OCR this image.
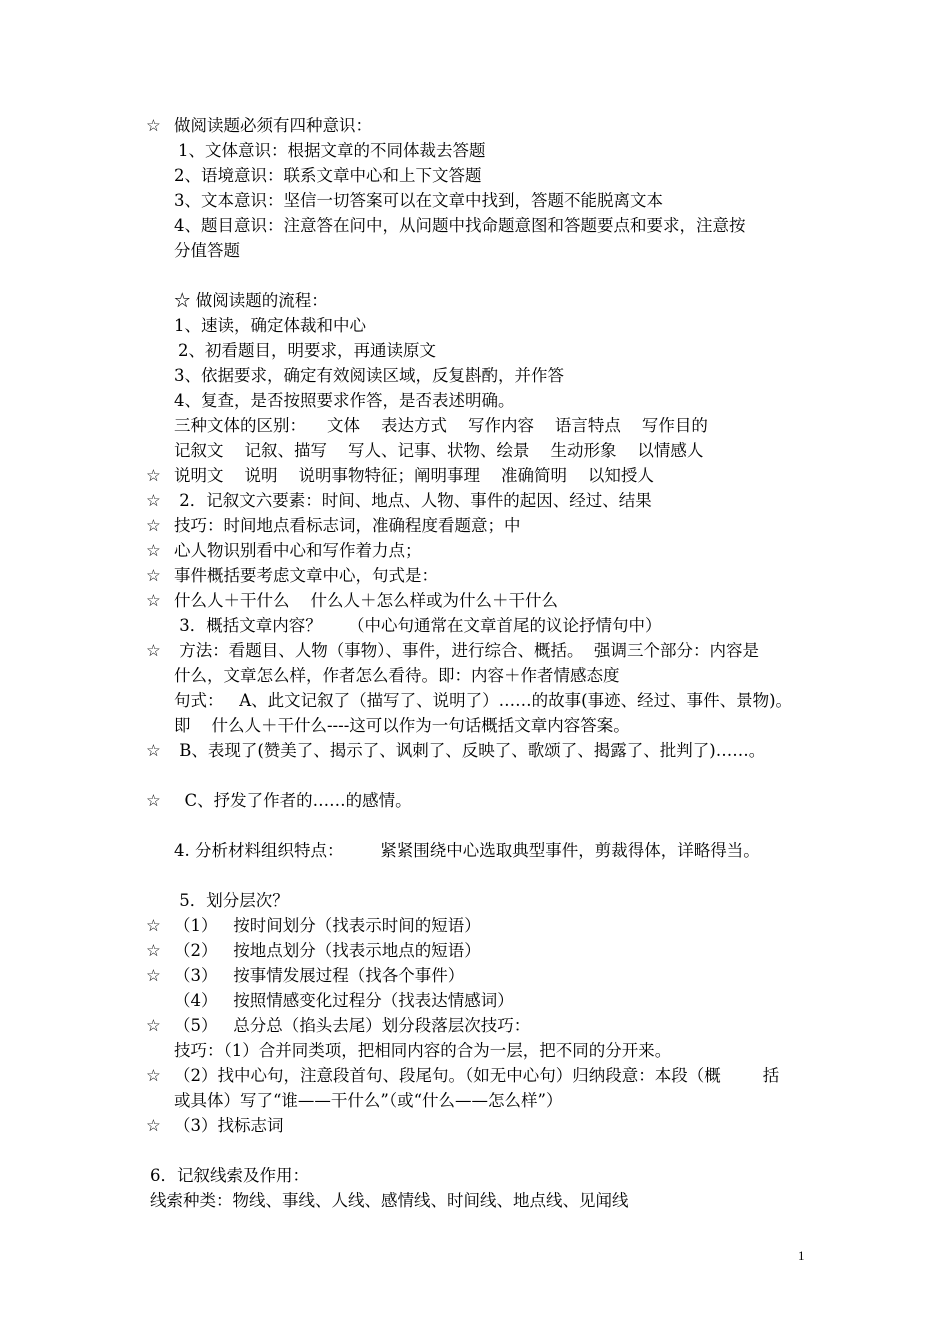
☆ 做阅读题必须有四种意识：
1、文体意识：根据文章的不同体裁去答题
2、语境意识：联系文章中心和上下文答题
3、文本意识：坚信一切答案可以在文章中找到，答题不能脱离文本
4、题目意识：注意答在问中，从问题中找命题意图和答题要点和要求，注意按
分值答题
☆ 做阅读题的流程：
1、速读，确定体裁和中心
2、初看题目，明要求，再通读原文
3、依据要求，确定有效阅读区域，反复斟酌，并作答
4、复查，是否按照要求作答，是否表述明确。
三种文体的区别：    文体    表达方式    写作内容    语言特点    写作目的
记叙文    记叙、描写    写人、记事、状物、绘景    生动形象    以情感人
☆ 说明文    说明    说明事物特征；阐明事理    准确简明    以知授人
☆ 2．记叙文六要素：时间、地点、人物、事件的起因、经过、结果
☆ 技巧：时间地点看标志词，准确程度看题意；中
☆ 心人物识别看中心和写作着力点；
☆ 事件概括要考虑文章中心，句式是：
☆ 什么人＋干什么    什么人＋怎么样或为什么＋干什么
3．概括文章内容？     （中心句通常在文章首尾的议论抒情句中）
☆ 方法：看题目、人物（事物）、事件，进行综合、概括。  强调三个部分：内容是
什么，文章怎么样，作者怎么看待。即：内容＋作者情感态度
句式：   A、此文记叙了（描写了、说明了）……的故事(事迹、经过、事件、景物)。
即    什么人＋干什么----这可以作为一句话概括文章内容答案。
☆ B、表现了(赞美了、揭示了、讽刺了、反映了、歌颂了、揭露了、批判了)……。
☆ C、抒发了作者的……的感情。
4. 分析材料组织特点：       紧紧围绕中心选取典型事件，剪裁得体，详略得当。
5．划分层次？
☆ （1）   按时间划分（找表示时间的短语）
☆ （2）   按地点划分（找表示地点的短语）
☆ （3）   按事情发展过程（找各个事件）
（4）   按照情感变化过程分（找表达情感词）
☆ （5）   总分总（掐头去尾）划分段落层次技巧：
技巧：（1）合并同类项，把相同内容的合为一层，把不同的分开来。
☆ （2）找中心句，注意段首句、段尾句。（如无中心句）归纳段意：本段（概        括
或具体）写了“谁——干什么”（或“什么——怎么样”）
☆ （3）找标志词
6．记叙线索及作用：
线索种类：物线、事线、人线、感情线、时间线、地点线、见闻线
1
